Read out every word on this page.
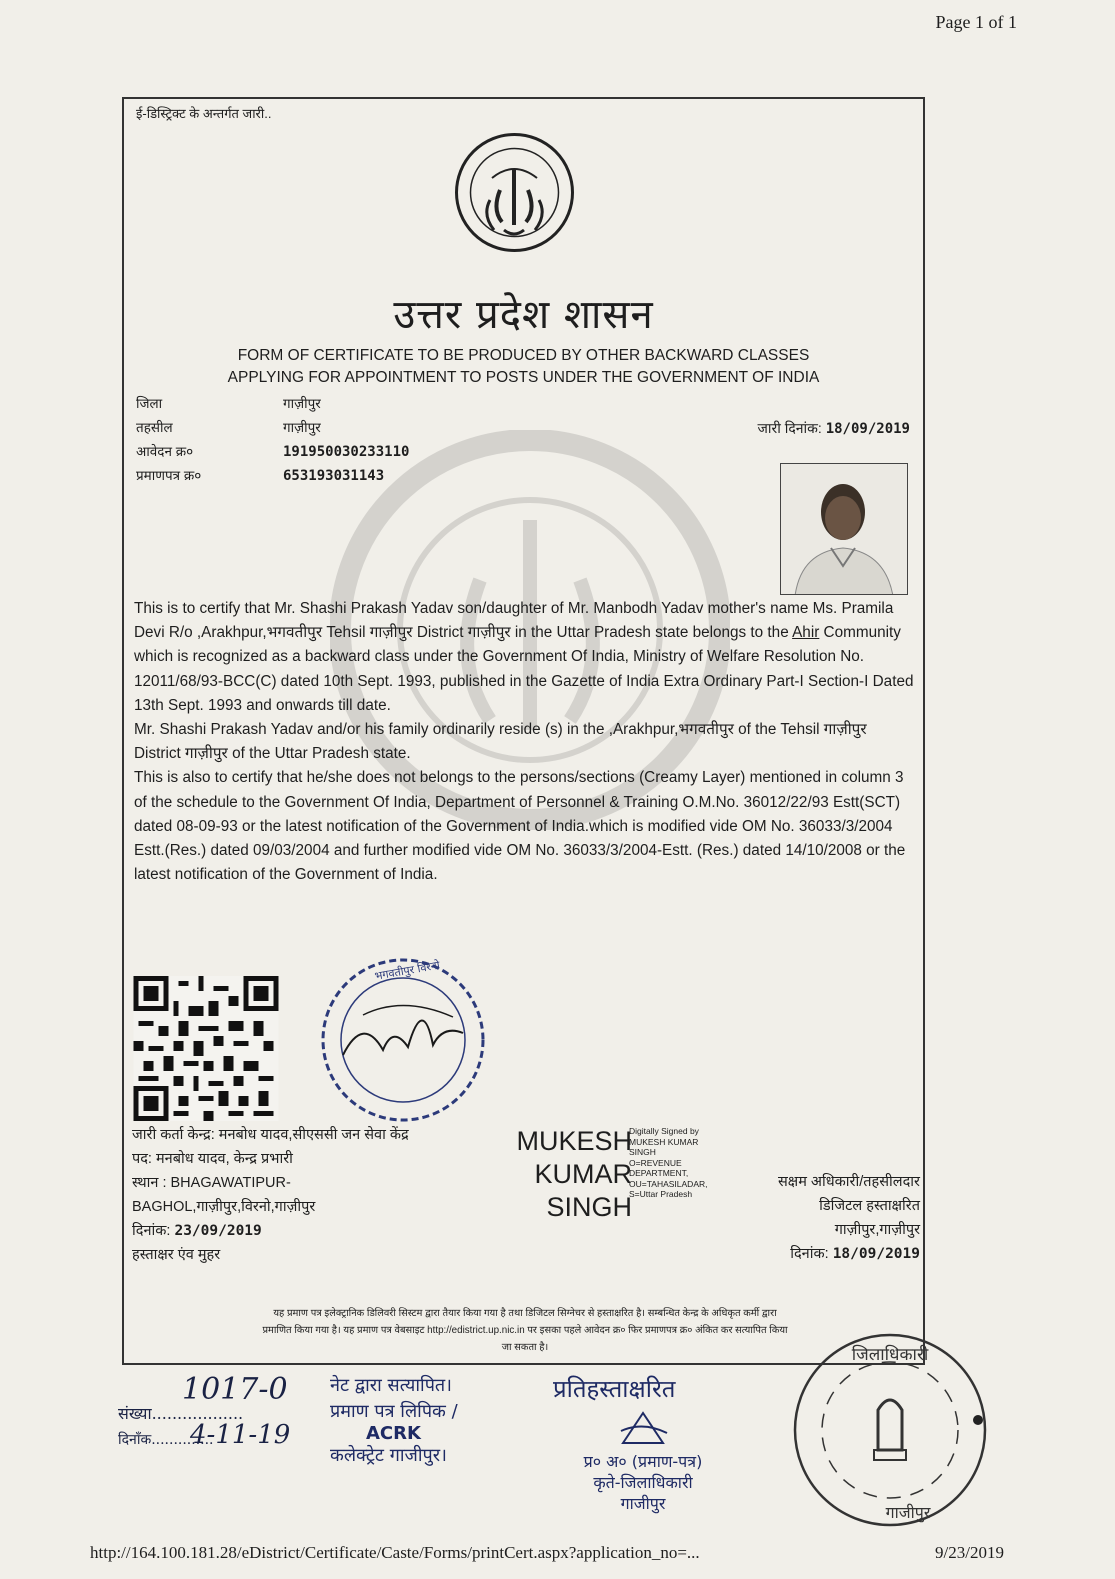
Page 1 of 1
ई-डिस्ट्रिक्ट के अन्तर्गत जारी..
उत्तर प्रदेश शासन
FORM OF CERTIFICATE TO BE PRODUCED BY OTHER BACKWARD CLASSES
APPLYING FOR APPOINTMENT TO POSTS UNDER THE GOVERNMENT OF INDIA
जिला	गाज़ीपुर
तहसील	गाज़ीपुर
आवेदन क्र०	191950030233110
प्रमाणपत्र क्र०	653193031143
जारी दिनांक: 18/09/2019

This is to certify that Mr. Shashi Prakash Yadav son/daughter of Mr. Manbodh Yadav mother's name Ms. Pramila Devi R/o ,Arakhpur,भगवतीपुर Tehsil गाज़ीपुर District गाज़ीपुर in the Uttar Pradesh state belongs to the Ahir Community which is recognized as a backward class under the Government Of India, Ministry of Welfare Resolution No. 12011/68/93-BCC(C) dated 10th Sept. 1993, published in the Gazette of India Extra Ordinary Part-I Section-I Dated 13th Sept. 1993 and onwards till date.

Mr. Shashi Prakash Yadav and/or his family ordinarily reside (s) in the ,Arakhpur,भगवतीपुर of the Tehsil गाज़ीपुर District गाज़ीपुर of the Uttar Pradesh state.

This is also to certify that he/she does not belongs to the persons/sections (Creamy Layer) mentioned in column 3 of the schedule to the Government Of India, Department of Personnel & Training O.M.No. 36012/22/93 Estt(SCT) dated 08-09-93 or the latest notification of the Government of India.which is modified vide OM No. 36033/3/2004 Estt.(Res.) dated 09/03/2004 and further modified vide OM No. 36033/3/2004-Estt. (Res.) dated 14/10/2008 or the latest notification of the Government of India.

भगवतीपुर विरनो
जारी कर्ता केन्द्र: मनबोध यादव,सीएससी जन सेवा केंद्र
पद: मनबोध यादव, केन्द्र प्रभारी
स्थान : BHAGAWATIPUR-
BAGHOL,गाज़ीपुर,विरनो,गाज़ीपुर
दिनांक: 23/09/2019
हस्ताक्षर एंव मुहर
MUKESH
KUMAR
SINGH
Digitally Signed by
MUKESH KUMAR
SINGH
O=REVENUE
DEPARTMENT,
OU=TAHASILADAR,
S=Uttar Pradesh
सक्षम अधिकारी/तहसीलदार
डिजिटल हस्ताक्षरित
गाज़ीपुर,गाज़ीपुर
दिनांक: 18/09/2019
यह प्रमाण पत्र इलेक्ट्रानिक डिलिवरी सिस्टम द्वारा तैयार किया गया है तथा डिजिटल सिग्नेचर से हस्ताक्षरित है। सम्बन्धित केन्द्र के अधिकृत कर्मी द्वारा
प्रमाणित किया गया है। यह प्रमाण पत्र वेबसाइट http://edistrict.up.nic.in पर इसका पहले आवेदन क्र० फिर प्रमाणपत्र क्र० अंकित कर सत्यापित किया
जा सकता है।
1017-0
संख्या..................
दिनाँक..............
4-11-19
नेट द्वारा सत्यापित।
प्रमाण पत्र लिपिक /
ACRK
कलेक्ट्रेट गाजीपुर।
प्रतिहस्ताक्षरित
प्र० अ० (प्रमाण-पत्र)
कृते-जिलाधिकारी
गाजीपुर
जिलाधिकारी
गाजीपुर
http://164.100.181.28/eDistrict/Certificate/Caste/Forms/printCert.aspx?application_no=...	9/23/2019
